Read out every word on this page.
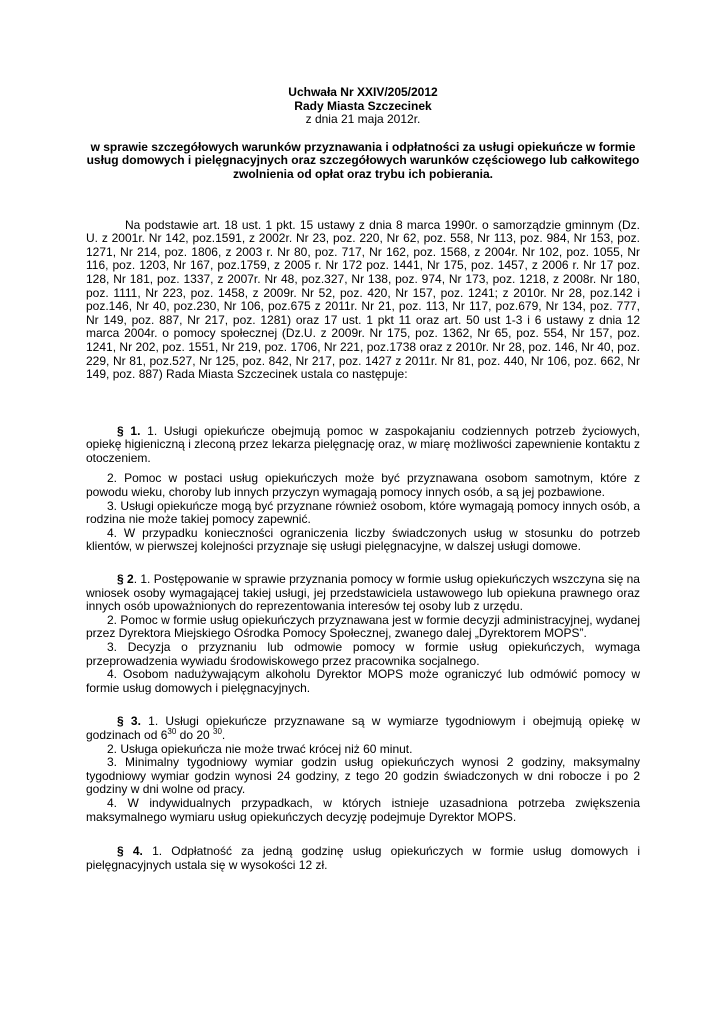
Uchwała Nr XXIV/205/2012
Rady Miasta Szczecinek
z dnia 21 maja 2012r.
w sprawie szczegółowych warunków przyznawania i odpłatności za usługi opiekuńcze w formie usług domowych i pielęgnacyjnych oraz szczegółowych warunków częściowego lub całkowitego zwolnienia od opłat oraz trybu ich pobierania.
Na podstawie art. 18 ust. 1 pkt. 15 ustawy z dnia 8 marca 1990r. o samorządzie gminnym (Dz. U. z 2001r. Nr 142, poz.1591, z 2002r. Nr 23, poz. 220, Nr 62, poz. 558, Nr 113, poz. 984, Nr 153, poz. 1271, Nr 214, poz. 1806, z 2003 r. Nr 80, poz. 717, Nr 162, poz. 1568, z 2004r. Nr 102, poz. 1055, Nr 116, poz. 1203, Nr 167, poz.1759, z 2005 r. Nr 172 poz. 1441, Nr 175, poz. 1457, z 2006 r. Nr 17 poz. 128, Nr 181, poz. 1337, z 2007r. Nr 48, poz.327, Nr 138, poz. 974, Nr 173, poz. 1218, z 2008r. Nr 180, poz. 1111, Nr 223, poz. 1458, z 2009r. Nr 52, poz. 420, Nr 157, poz. 1241; z 2010r. Nr 28, poz.142 i poz.146, Nr 40, poz.230, Nr 106, poz.675 z 2011r. Nr 21, poz. 113, Nr 117, poz.679, Nr 134, poz. 777, Nr 149, poz. 887, Nr 217, poz. 1281) oraz 17 ust. 1 pkt 11 oraz art. 50 ust 1-3 i 6 ustawy z dnia 12 marca 2004r. o pomocy społecznej (Dz.U. z 2009r. Nr 175, poz. 1362, Nr 65, poz. 554, Nr 157, poz. 1241, Nr 202, poz. 1551, Nr 219, poz. 1706, Nr 221, poz.1738 oraz z 2010r. Nr 28, poz. 146, Nr 40, poz. 229, Nr 81, poz.527, Nr 125, poz. 842, Nr 217, poz. 1427 z 2011r. Nr 81, poz. 440, Nr 106, poz. 662, Nr 149, poz. 887) Rada Miasta Szczecinek ustala co następuje:
§ 1. 1. Usługi opiekuńcze obejmują pomoc w zaspokajaniu codziennych potrzeb życiowych, opiekę higieniczną i zleconą przez lekarza pielęgnację oraz, w miarę możliwości zapewnienie kontaktu z otoczeniem.
2. Pomoc w postaci usług opiekuńczych może być przyznawana osobom samotnym, które z powodu wieku, choroby lub innych przyczyn wymagają pomocy innych osób, a są jej pozbawione.
3. Usługi opiekuńcze mogą być przyznane również osobom, które wymagają pomocy innych osób, a rodzina nie może takiej pomocy zapewnić.
4. W przypadku konieczności ograniczenia liczby świadczonych usług w stosunku do potrzeb klientów, w pierwszej kolejności przyznaje się usługi pielęgnacyjne, w dalszej usługi domowe.
§ 2. 1. Postępowanie w sprawie przyznania pomocy w formie usług opiekuńczych wszczyna się na wniosek osoby wymagającej takiej usługi, jej przedstawiciela ustawowego lub opiekuna prawnego oraz innych osób upoważnionych do reprezentowania interesów tej osoby lub z urzędu.
2. Pomoc w formie usług opiekuńczych przyznawana jest w formie decyzji administracyjnej, wydanej przez Dyrektora Miejskiego Ośrodka Pomocy Społecznej, zwanego dalej „Dyrektorem MOPS”.
3. Decyzja o przyznaniu lub odmowie pomocy w formie usług opiekuńczych, wymaga przeprowadzenia wywiadu środowiskowego przez pracownika socjalnego.
4. Osobom nadużywającym alkoholu Dyrektor MOPS może ograniczyć lub odmówić pomocy w formie usług domowych i pielęgnacyjnych.
§ 3. 1. Usługi opiekuńcze przyznawane są w wymiarze tygodniowym i obejmują opiekę w godzinach od $6^{30}$ do 20 $^{30}$.
2. Usługa opiekuńcza nie może trwać krócej niż 60 minut.
3. Minimalny tygodniowy wymiar godzin usług opiekuńczych wynosi 2 godziny, maksymalny tygodniowy wymiar godzin wynosi 24 godziny, z tego 20 godzin świadczonych w dni robocze i po 2 godziny w dni wolne od pracy.
4. W indywidualnych przypadkach, w których istnieje uzasadniona potrzeba zwiększenia maksymalnego wymiaru usług opiekuńczych decyzję podejmuje Dyrektor MOPS.
§ 4. 1. Odpłatność za jedną godzinę usług opiekuńczych w formie usług domowych i pielęgnacyjnych ustala się w wysokości 12 zł.
